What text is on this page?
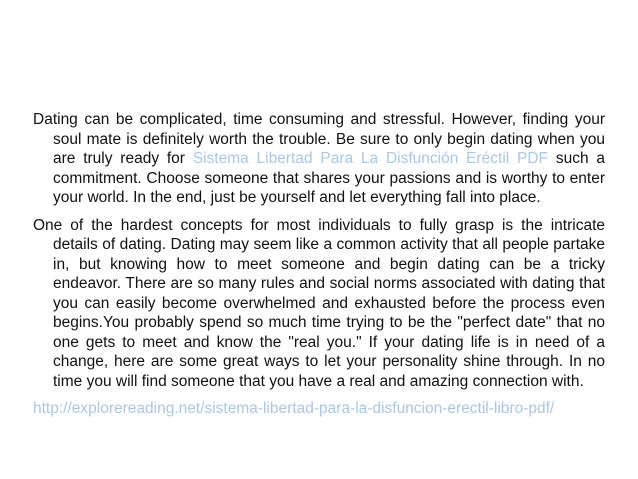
Dating can be complicated, time consuming and stressful. However, finding your soul mate is definitely worth the trouble. Be sure to only begin dating when you are truly ready for Sistema Libertad Para La Disfunción Eréctil PDF such a commitment. Choose someone that shares your passions and is worthy to enter your world. In the end, just be yourself and let everything fall into place.

One of the hardest concepts for most individuals to fully grasp is the intricate details of dating. Dating may seem like a common activity that all people partake in, but knowing how to meet someone and begin dating can be a tricky endeavor. There are so many rules and social norms associated with dating that you can easily become overwhelmed and exhausted before the process even begins.You probably spend so much time trying to be the "perfect date" that no one gets to meet and know the "real you." If your dating life is in need of a change, here are some great ways to let your personality shine through. In no time you will find someone that you have a real and amazing connection with.

http://explorereading.net/sistema-libertad-para-la-disfuncion-erectil-libro-pdf/
